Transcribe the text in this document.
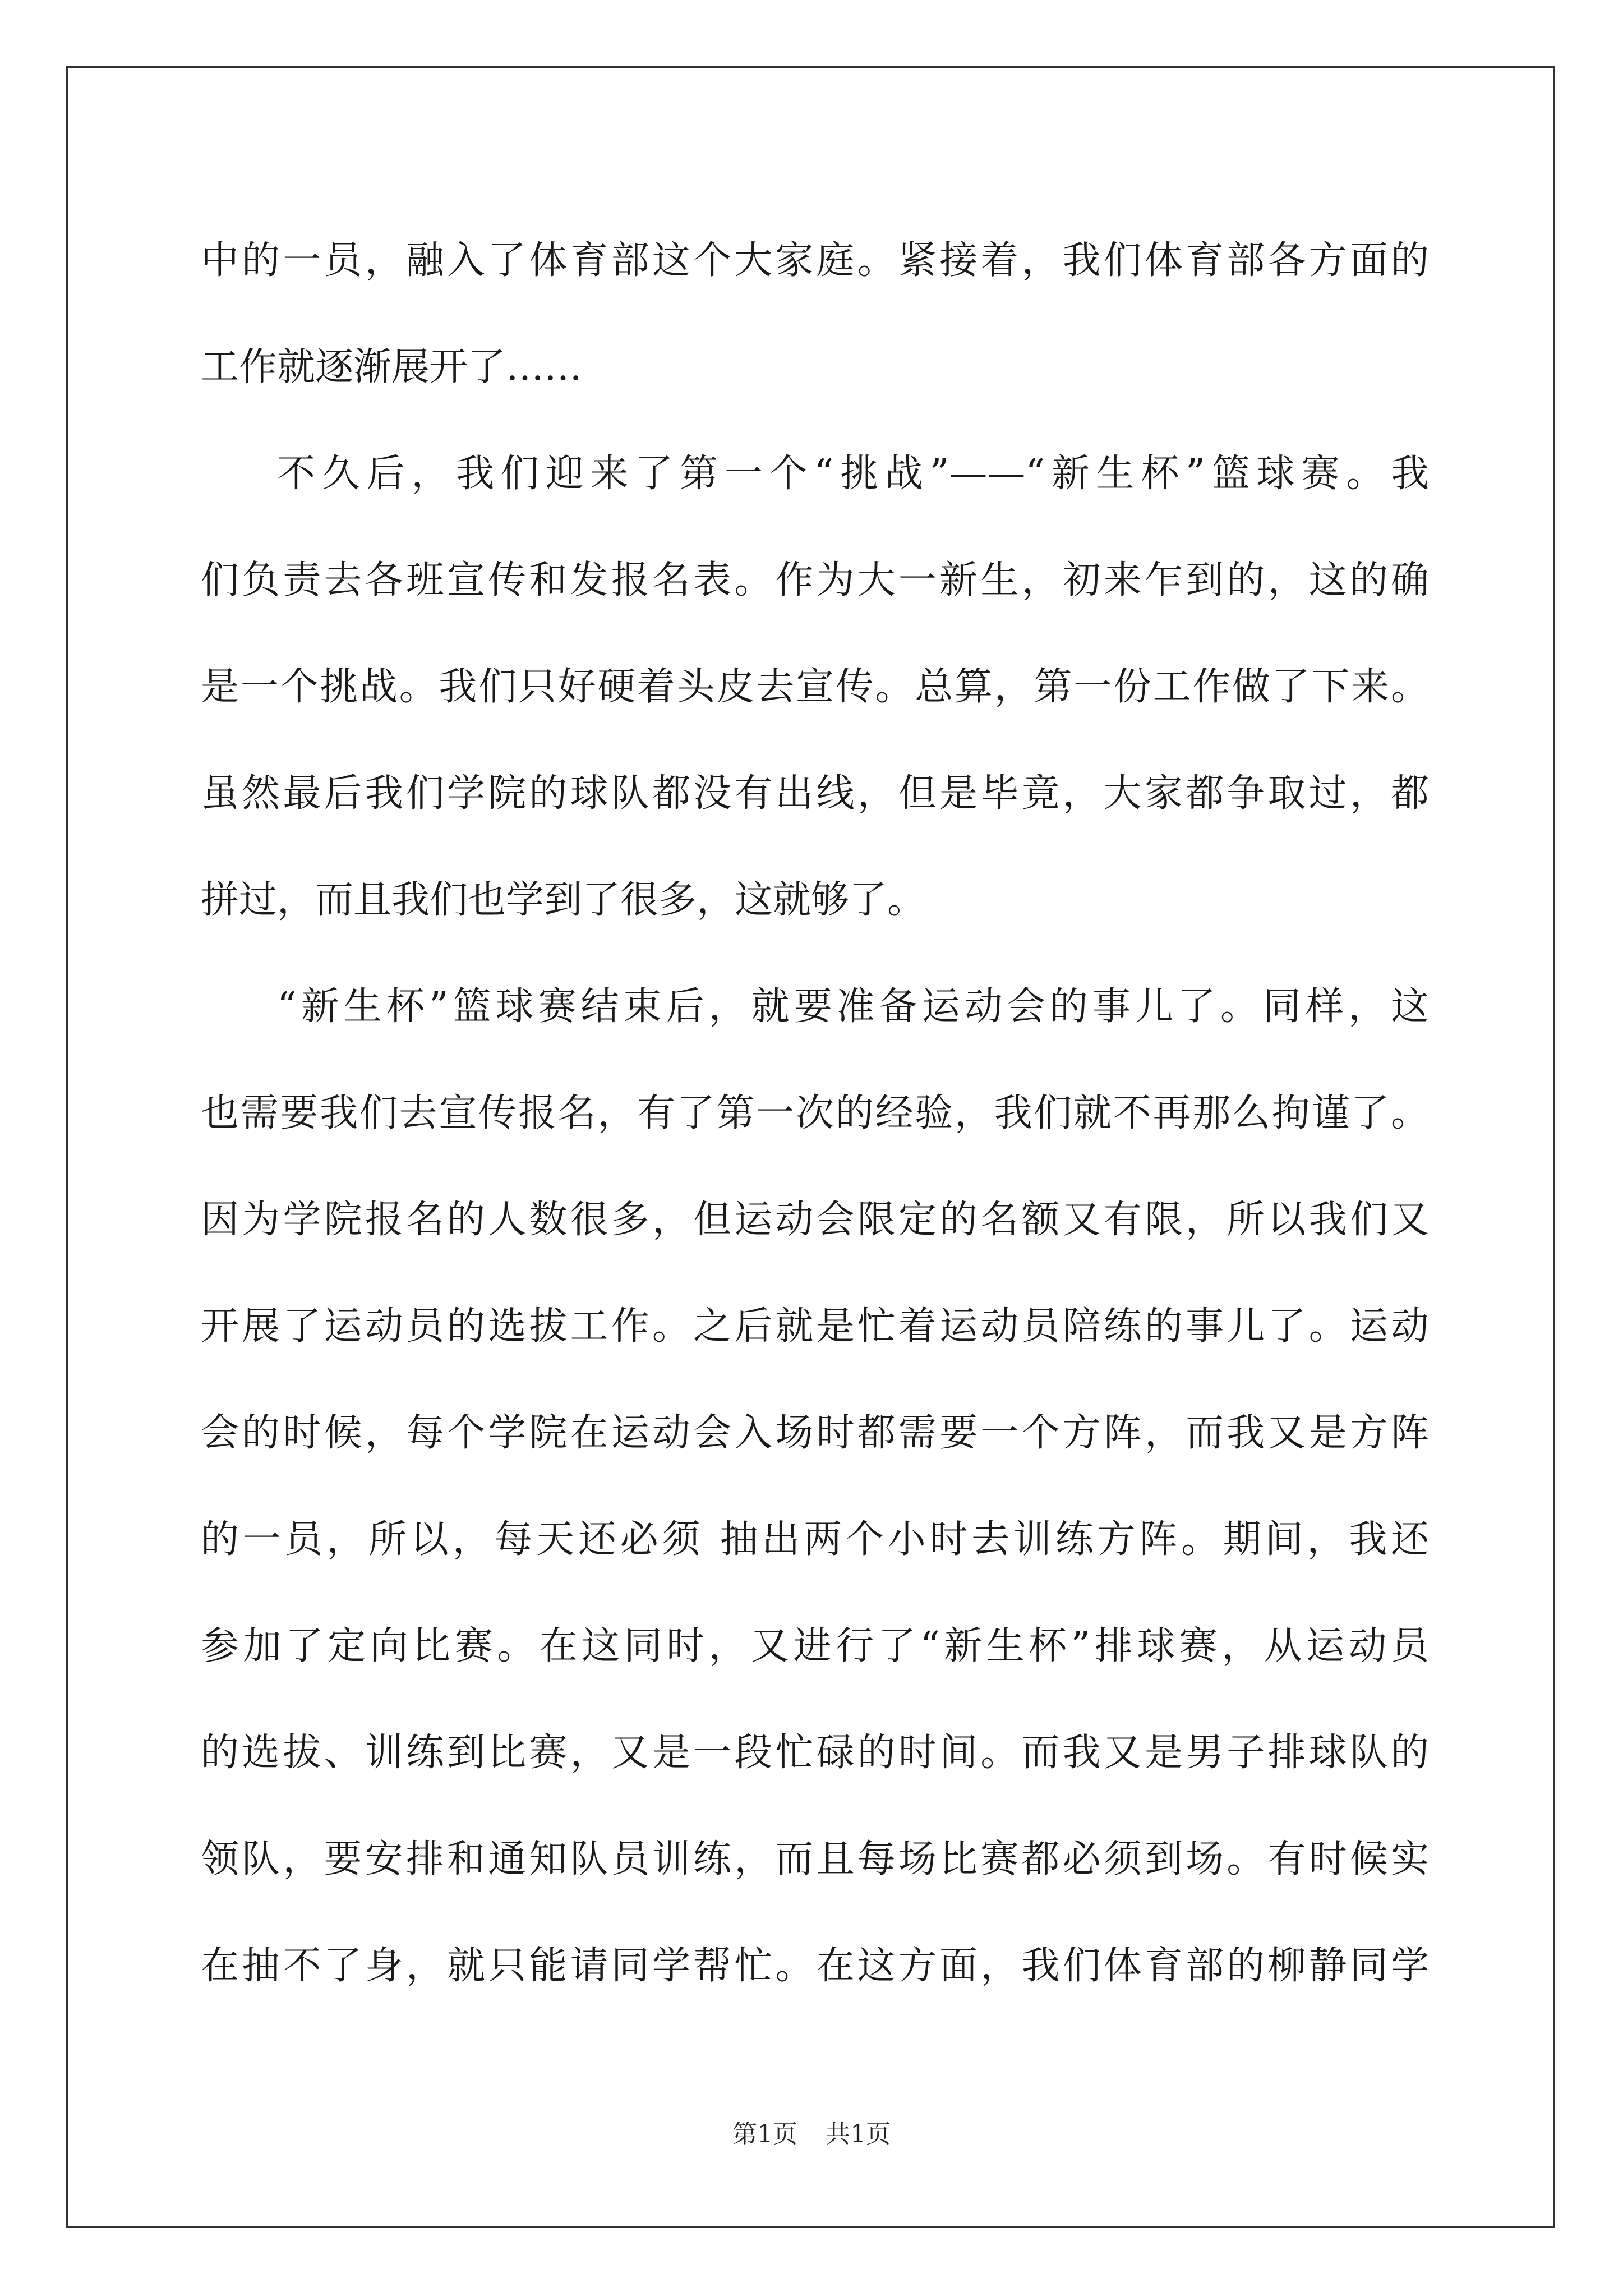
中的一员，融入了体育部这个大家庭。紧接着，我们体育部各方面的
工作就逐渐展开了……
不久后，我们迎来了第一个“挑战”——“新生杯”篮球赛。我
们负责去各班宣传和发报名表。作为大一新生，初来乍到的，这的确
是一个挑战。我们只好硬着头皮去宣传。总算，第一份工作做了下来。
虽然最后我们学院的球队都没有出线，但是毕竟，大家都争取过，都
拼过，而且我们也学到了很多，这就够了。
“新生杯”篮球赛结束后，就要准备运动会的事儿了。同样，这
也需要我们去宣传报名，有了第一次的经验，我们就不再那么拘谨了。
因为学院报名的人数很多，但运动会限定的名额又有限，所以我们又
开展了运动员的选拔工作。之后就是忙着运动员陪练的事儿了。运动
会的时候，每个学院在运动会入场时都需要一个方阵，而我又是方阵
的一员，所以，每天还必须 抽出两个小时去训练方阵。期间，我还
参加了定向比赛。在这同时，又进行了“新生杯”排球赛，从运动员
的选拔、训练到比赛，又是一段忙碌的时间。而我又是男子排球队的
领队，要安排和通知队员训练，而且每场比赛都必须到场。有时候实
在抽不了身，就只能请同学帮忙。在这方面，我们体育部的柳静同学
第1页 共1页
